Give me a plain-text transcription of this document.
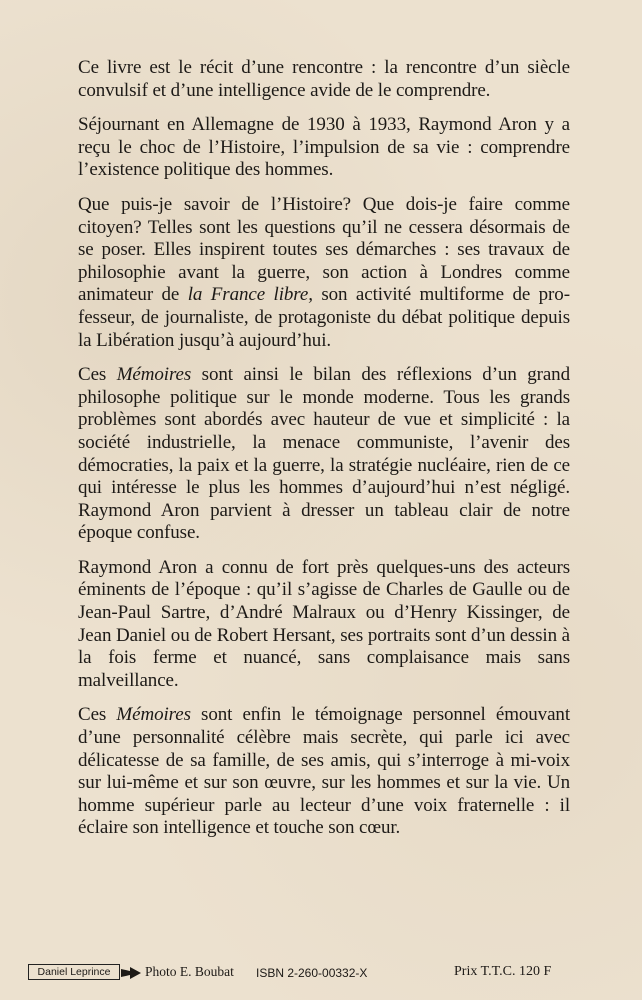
Ce livre est le récit d’une rencontre : la rencontre d’un siècle convulsif et d’une intelligence avide de le comprendre.

Séjournant en Allemagne de 1930 à 1933, Raymond Aron y a reçu le choc de l’Histoire, l’impulsion de sa vie : comprendre l’existence politique des hommes.

Que puis-je savoir de l’Histoire? Que dois-je faire comme citoyen? Telles sont les questions qu’il ne cessera désormais de se poser. Elles inspirent toutes ses démarches : ses travaux de philosophie avant la guerre, son action à Londres comme animateur de la France libre, son activité multiforme de professeur, de journaliste, de protagoniste du débat politique depuis la Libération jusqu’à aujourd’hui.

Ces Mémoires sont ainsi le bilan des réflexions d’un grand philosophe politique sur le monde moderne. Tous les grands problèmes sont abordés avec hauteur de vue et simplicité : la société industrielle, la menace communiste, l’avenir des démocraties, la paix et la guerre, la stratégie nucléaire, rien de ce qui intéresse le plus les hommes d’aujourd’hui n’est négligé. Raymond Aron parvient à dresser un tableau clair de notre époque confuse.

Raymond Aron a connu de fort près quelques-uns des acteurs éminents de l’époque : qu’il s’agisse de Charles de Gaulle ou de Jean-Paul Sartre, d’André Malraux ou d’Henry Kissinger, de Jean Daniel ou de Robert Hersant, ses portraits sont d’un dessin à la fois ferme et nuancé, sans complaisance mais sans malveillance.

Ces Mémoires sont enfin le témoignage personnel émouvant d’une personnalité célèbre mais secrète, qui parle ici avec délicatesse de sa famille, de ses amis, qui s’interroge à mi-voix sur lui-même et sur son œuvre, sur les hommes et sur la vie. Un homme supérieur parle au lecteur d’une voix fraternelle : il éclaire son intelligence et touche son cœur.

Daniel Leprince	Photo E. Boubat ISBN 2-260-00332-X	Prix T.T.C. 120 F
